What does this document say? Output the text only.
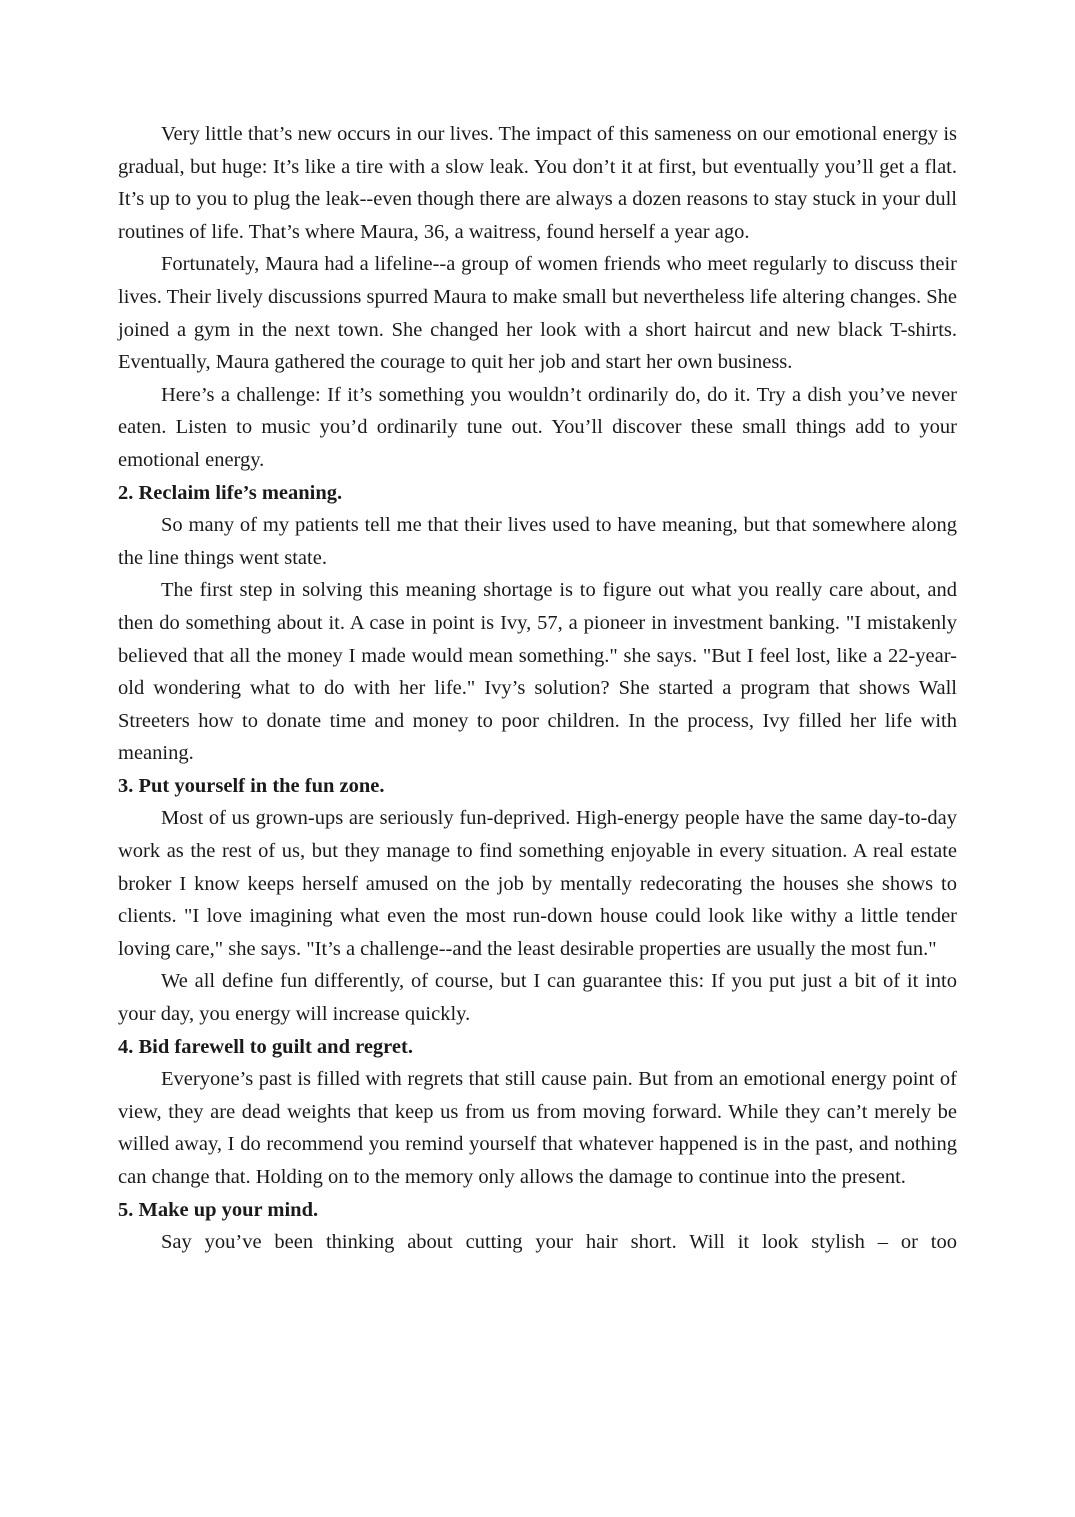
Very little that’s new occurs in our lives. The impact of this sameness on our emotional energy is gradual, but huge: It’s like a tire with a slow leak. You don’t it at first, but eventually you’ll get a flat. It’s up to you to plug the leak--even though there are always a dozen reasons to stay stuck in your dull routines of life. That’s where Maura, 36, a waitress, found herself a year ago.

Fortunately, Maura had a lifeline--a group of women friends who meet regularly to discuss their lives. Their lively discussions spurred Maura to make small but nevertheless life altering changes. She joined a gym in the next town. She changed her look with a short haircut and new black T-shirts. Eventually, Maura gathered the courage to quit her job and start her own business.

Here’s a challenge: If it’s something you wouldn’t ordinarily do, do it. Try a dish you’ve never eaten. Listen to music you’d ordinarily tune out. You’ll discover these small things add to your emotional energy.

2. Reclaim life’s meaning.

So many of my patients tell me that their lives used to have meaning, but that somewhere along the line things went state.

The first step in solving this meaning shortage is to figure out what you really care about, and then do something about it. A case in point is Ivy, 57, a pioneer in investment banking. "I mistakenly believed that all the money I made would mean something." she says. "But I feel lost, like a 22-year-old wondering what to do with her life." Ivy’s solution? She started a program that shows Wall Streeters how to donate time and money to poor children. In the process, Ivy filled her life with meaning.

3. Put yourself in the fun zone.

Most of us grown-ups are seriously fun-deprived. High-energy people have the same day-to-day work as the rest of us, but they manage to find something enjoyable in every situation. A real estate broker I know keeps herself amused on the job by mentally redecorating the houses she shows to clients. "I love imagining what even the most run-down house could look like withy a little tender loving care," she says. "It’s a challenge--and the least desirable properties are usually the most fun."

We all define fun differently, of course, but I can guarantee this: If you put just a bit of it into your day, you energy will increase quickly.

4. Bid farewell to guilt and regret.

Everyone’s past is filled with regrets that still cause pain. But from an emotional energy point of view, they are dead weights that keep us from us from moving forward. While they can’t merely be willed away, I do recommend you remind yourself that whatever happened is in the past, and nothing can change that. Holding on to the memory only allows the damage to continue into the present.

5. Make up your mind.

Say you’ve been thinking about cutting your hair short. Will it look stylish – or too
